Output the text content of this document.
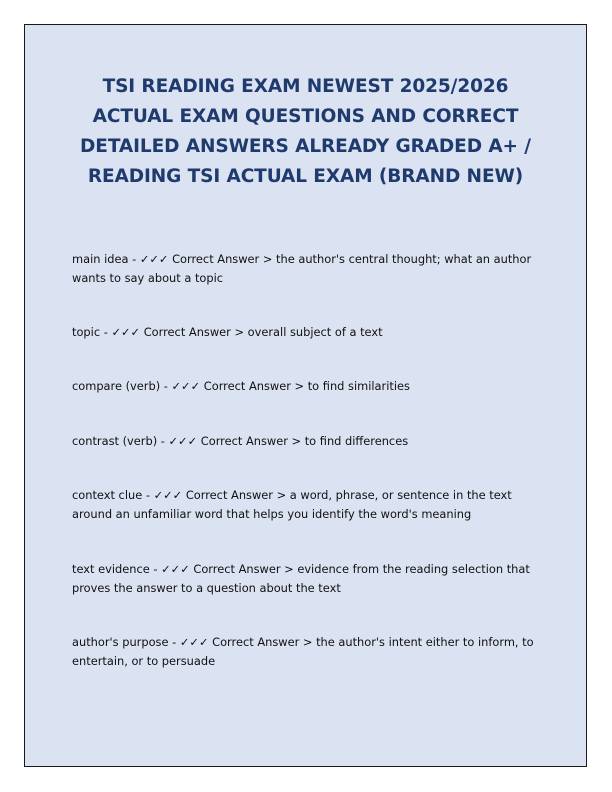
TSI READING EXAM NEWEST 2025/2026 ACTUAL EXAM QUESTIONS AND CORRECT DETAILED ANSWERS ALREADY GRADED A+ / READING TSI ACTUAL EXAM (BRAND NEW)

main idea - ✓✓✓ Correct Answer > the author's central thought; what an author wants to say about a topic

topic - ✓✓✓ Correct Answer > overall subject of a text

compare (verb) - ✓✓✓ Correct Answer > to find similarities

contrast (verb) - ✓✓✓ Correct Answer > to find differences

context clue - ✓✓✓ Correct Answer > a word, phrase, or sentence in the text around an unfamiliar word that helps you identify the word's meaning

text evidence - ✓✓✓ Correct Answer > evidence from the reading selection that proves the answer to a question about the text

author's purpose - ✓✓✓ Correct Answer > the author's intent either to inform, to entertain, or to persuade
